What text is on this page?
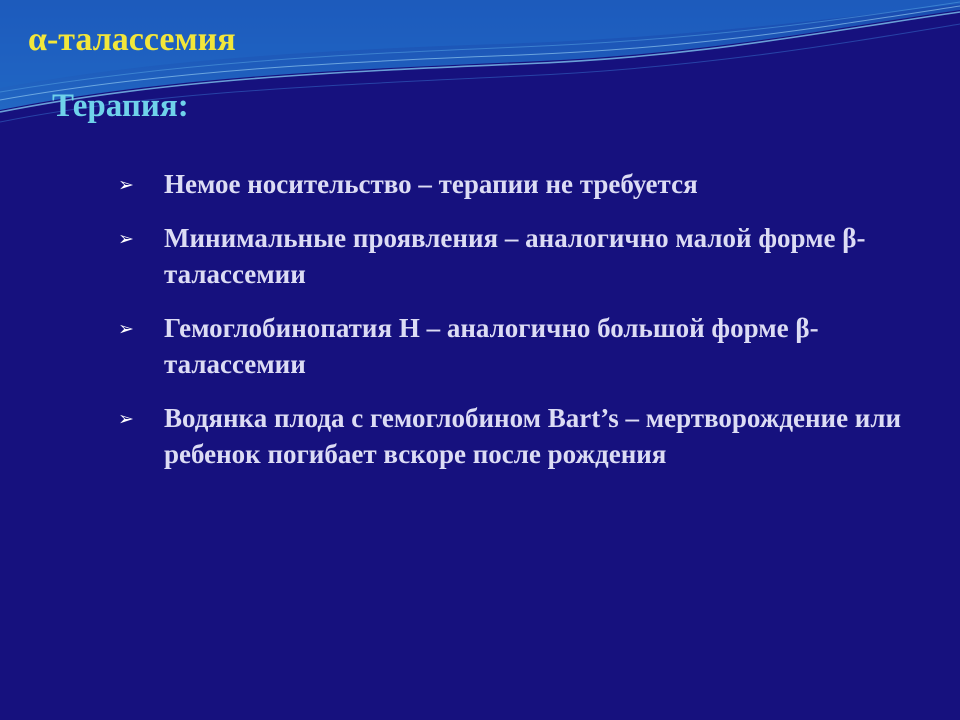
α-талассемия
Терапия:
➢ Немое носительство – терапии не требуется
➢ Минимальные проявления – аналогично малой форме β-талассемии
➢ Гемоглобинопатия Н – аналогично большой форме β-талассемии
➢ Водянка плода с гемоглобином Bart’s – мертворождение или ребенок погибает вскоре после рождения
